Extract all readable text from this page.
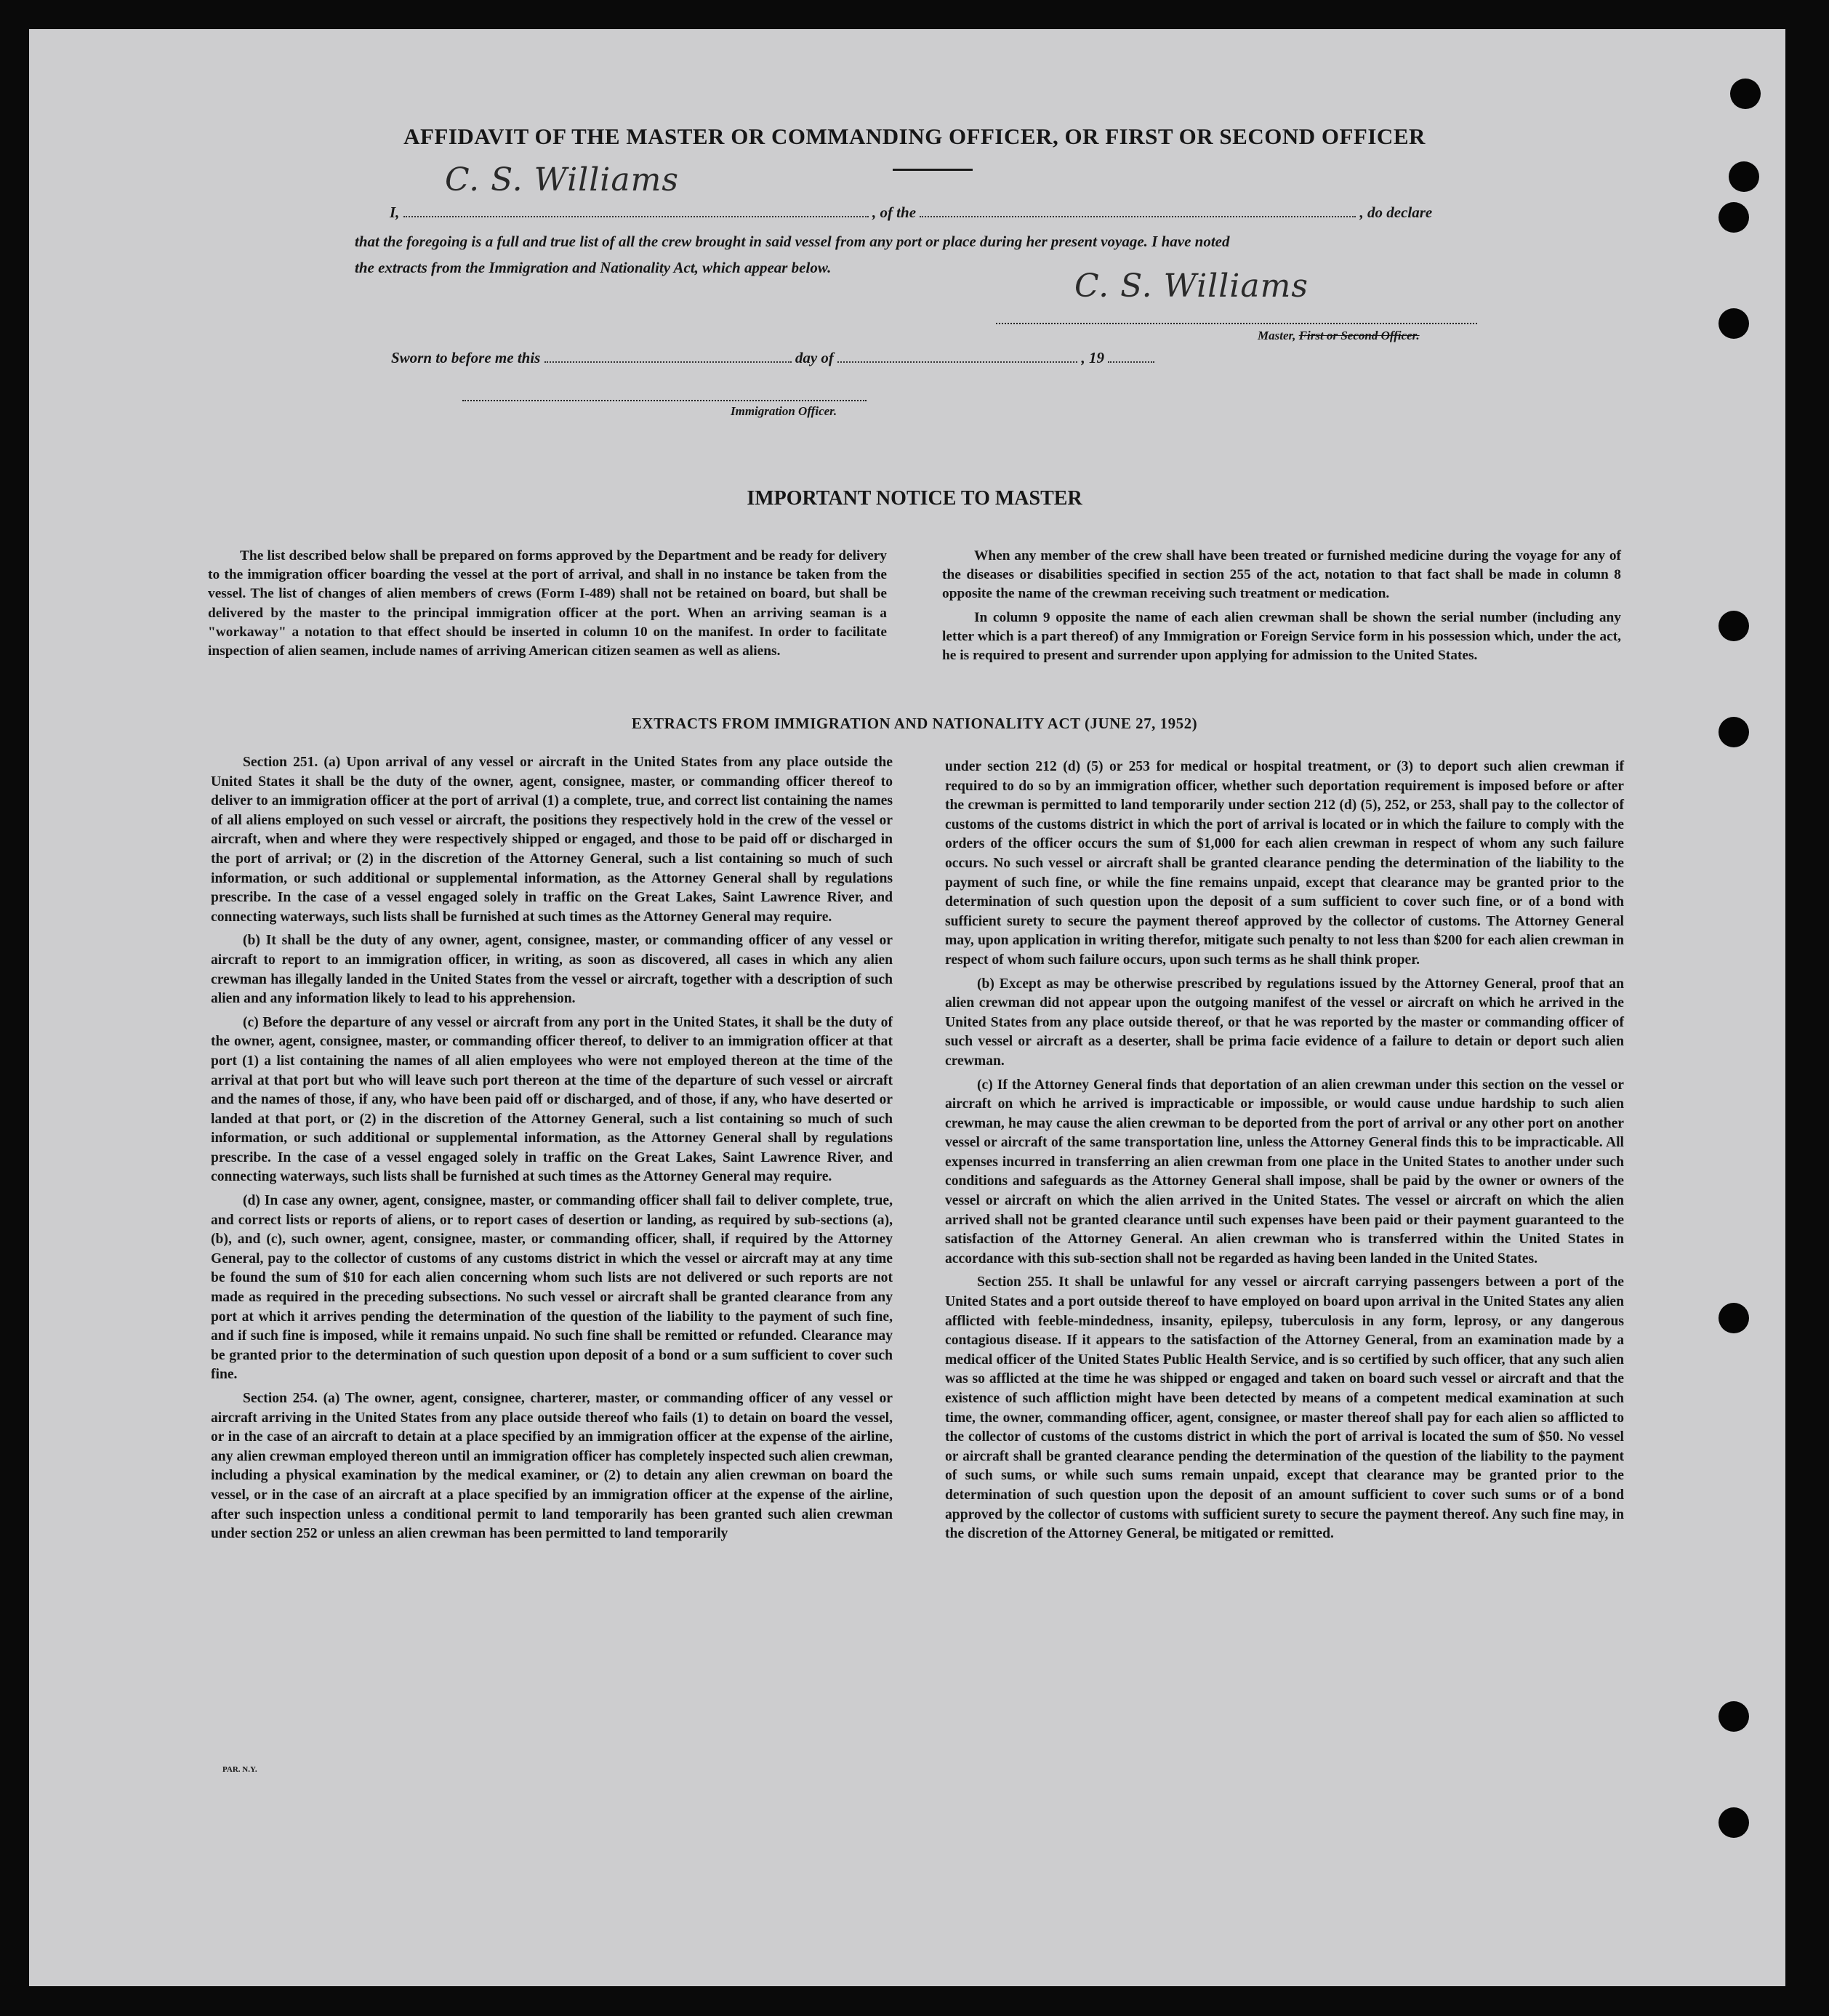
AFFIDAVIT OF THE MASTER OR COMMANDING OFFICER, OR FIRST OR SECOND OFFICER
C. S. Williams
I,	, of the	, do declare
that the foregoing is a full and true list of all the crew brought in said vessel from any port or place during her present voyage. I have noted
the extracts from the Immigration and Nationality Act, which appear below.	C. S. Williams
Master, First or Second Officer.
Sworn to before me this	day of	, 19
Immigration Officer.
IMPORTANT NOTICE TO MASTER

The list described below shall be prepared on forms approved by the Department and be ready for delivery to the immigration officer boarding the vessel at the port of arrival, and shall in no instance be taken from the vessel. The list of changes of alien members of crews (Form I-489) shall not be retained on board, but shall be delivered by the master to the principal immigration officer at the port. When an arriving seaman is a "workaway" a notation to that effect should be inserted in column 10 on the manifest. In order to facilitate inspection of alien seamen, include names of arriving American citizen seamen as well as aliens.

When any member of the crew shall have been treated or furnished medicine during the voyage for any of the diseases or disabilities specified in section 255 of the act, notation to that fact shall be made in column 8 opposite the name of the crewman receiving such treatment or medication.

In column 9 opposite the name of each alien crewman shall be shown the serial number (including any letter which is a part thereof) of any Immigration or Foreign Service form in his possession which, under the act, he is required to present and surrender upon applying for admission to the United States.

EXTRACTS FROM IMMIGRATION AND NATIONALITY ACT (JUNE 27, 1952)

Section 251. (a) Upon arrival of any vessel or aircraft in the United States from any place outside the United States it shall be the duty of the owner, agent, consignee, master, or commanding officer thereof to deliver to an immigration officer at the port of arrival (1) a complete, true, and correct list containing the names of all aliens employed on such vessel or aircraft, the positions they respectively hold in the crew of the vessel or aircraft, when and where they were respectively shipped or engaged, and those to be paid off or discharged in the port of arrival; or (2) in the discretion of the Attorney General, such a list containing so much of such information, or such additional or supplemental information, as the Attorney General shall by regulations prescribe. In the case of a vessel engaged solely in traffic on the Great Lakes, Saint Lawrence River, and connecting waterways, such lists shall be furnished at such times as the Attorney General may require.

(b) It shall be the duty of any owner, agent, consignee, master, or commanding officer of any vessel or aircraft to report to an immigration officer, in writing, as soon as discovered, all cases in which any alien crewman has illegally landed in the United States from the vessel or aircraft, together with a description of such alien and any information likely to lead to his apprehension.

(c) Before the departure of any vessel or aircraft from any port in the United States, it shall be the duty of the owner, agent, consignee, master, or commanding officer thereof, to deliver to an immigration officer at that port (1) a list containing the names of all alien employees who were not employed thereon at the time of the arrival at that port but who will leave such port thereon at the time of the departure of such vessel or aircraft and the names of those, if any, who have been paid off or discharged, and of those, if any, who have deserted or landed at that port, or (2) in the discretion of the Attorney General, such a list containing so much of such information, or such additional or supplemental information, as the Attorney General shall by regulations prescribe. In the case of a vessel engaged solely in traffic on the Great Lakes, Saint Lawrence River, and connecting waterways, such lists shall be furnished at such times as the Attorney General may require.

(d) In case any owner, agent, consignee, master, or commanding officer shall fail to deliver complete, true, and correct lists or reports of aliens, or to report cases of desertion or landing, as required by sub-sections (a), (b), and (c), such owner, agent, consignee, master, or commanding officer, shall, if required by the Attorney General, pay to the collector of customs of any customs district in which the vessel or aircraft may at any time be found the sum of $10 for each alien concerning whom such lists are not delivered or such reports are not made as required in the preceding subsections. No such vessel or aircraft shall be granted clearance from any port at which it arrives pending the determination of the question of the liability to the payment of such fine, and if such fine is imposed, while it remains unpaid. No such fine shall be remitted or refunded. Clearance may be granted prior to the determination of such question upon deposit of a bond or a sum sufficient to cover such fine.

Section 254. (a) The owner, agent, consignee, charterer, master, or commanding officer of any vessel or aircraft arriving in the United States from any place outside thereof who fails (1) to detain on board the vessel, or in the case of an aircraft to detain at a place specified by an immigration officer at the expense of the airline, any alien crewman employed thereon until an immigration officer has completely inspected such alien crewman, including a physical examination by the medical examiner, or (2) to detain any alien crewman on board the vessel, or in the case of an aircraft at a place specified by an immigration officer at the expense of the airline, after such inspection unless a conditional permit to land temporarily has been granted such alien crewman under section 252 or unless an alien crewman has been permitted to land temporarily

under section 212 (d) (5) or 253 for medical or hospital treatment, or (3) to deport such alien crewman if required to do so by an immigration officer, whether such deportation requirement is imposed before or after the crewman is permitted to land temporarily under section 212 (d) (5), 252, or 253, shall pay to the collector of customs of the customs district in which the port of arrival is located or in which the failure to comply with the orders of the officer occurs the sum of $1,000 for each alien crewman in respect of whom any such failure occurs. No such vessel or aircraft shall be granted clearance pending the determination of the liability to the payment of such fine, or while the fine remains unpaid, except that clearance may be granted prior to the determination of such question upon the deposit of a sum sufficient to cover such fine, or of a bond with sufficient surety to secure the payment thereof approved by the collector of customs. The Attorney General may, upon application in writing therefor, mitigate such penalty to not less than $200 for each alien crewman in respect of whom such failure occurs, upon such terms as he shall think proper.

(b) Except as may be otherwise prescribed by regulations issued by the Attorney General, proof that an alien crewman did not appear upon the outgoing manifest of the vessel or aircraft on which he arrived in the United States from any place outside thereof, or that he was reported by the master or commanding officer of such vessel or aircraft as a deserter, shall be prima facie evidence of a failure to detain or deport such alien crewman.

(c) If the Attorney General finds that deportation of an alien crewman under this section on the vessel or aircraft on which he arrived is impracticable or impossible, or would cause undue hardship to such alien crewman, he may cause the alien crewman to be deported from the port of arrival or any other port on another vessel or aircraft of the same transportation line, unless the Attorney General finds this to be impracticable. All expenses incurred in transferring an alien crewman from one place in the United States to another under such conditions and safeguards as the Attorney General shall impose, shall be paid by the owner or owners of the vessel or aircraft on which the alien arrived in the United States. The vessel or aircraft on which the alien arrived shall not be granted clearance until such expenses have been paid or their payment guaranteed to the satisfaction of the Attorney General. An alien crewman who is transferred within the United States in accordance with this sub-section shall not be regarded as having been landed in the United States.

Section 255. It shall be unlawful for any vessel or aircraft carrying passengers between a port of the United States and a port outside thereof to have employed on board upon arrival in the United States any alien afflicted with feeble-mindedness, insanity, epilepsy, tuberculosis in any form, leprosy, or any dangerous contagious disease. If it appears to the satisfaction of the Attorney General, from an examination made by a medical officer of the United States Public Health Service, and is so certified by such officer, that any such alien was so afflicted at the time he was shipped or engaged and taken on board such vessel or aircraft and that the existence of such affliction might have been detected by means of a competent medical examination at such time, the owner, commanding officer, agent, consignee, or master thereof shall pay for each alien so afflicted to the collector of customs of the customs district in which the port of arrival is located the sum of $50. No vessel or aircraft shall be granted clearance pending the determination of the question of the liability to the payment of such sums, or while such sums remain unpaid, except that clearance may be granted prior to the determination of such question upon the deposit of an amount sufficient to cover such sums or of a bond approved by the collector of customs with sufficient surety to secure the payment thereof. Any such fine may, in the discretion of the Attorney General, be mitigated or remitted.

PAR. N.Y.
